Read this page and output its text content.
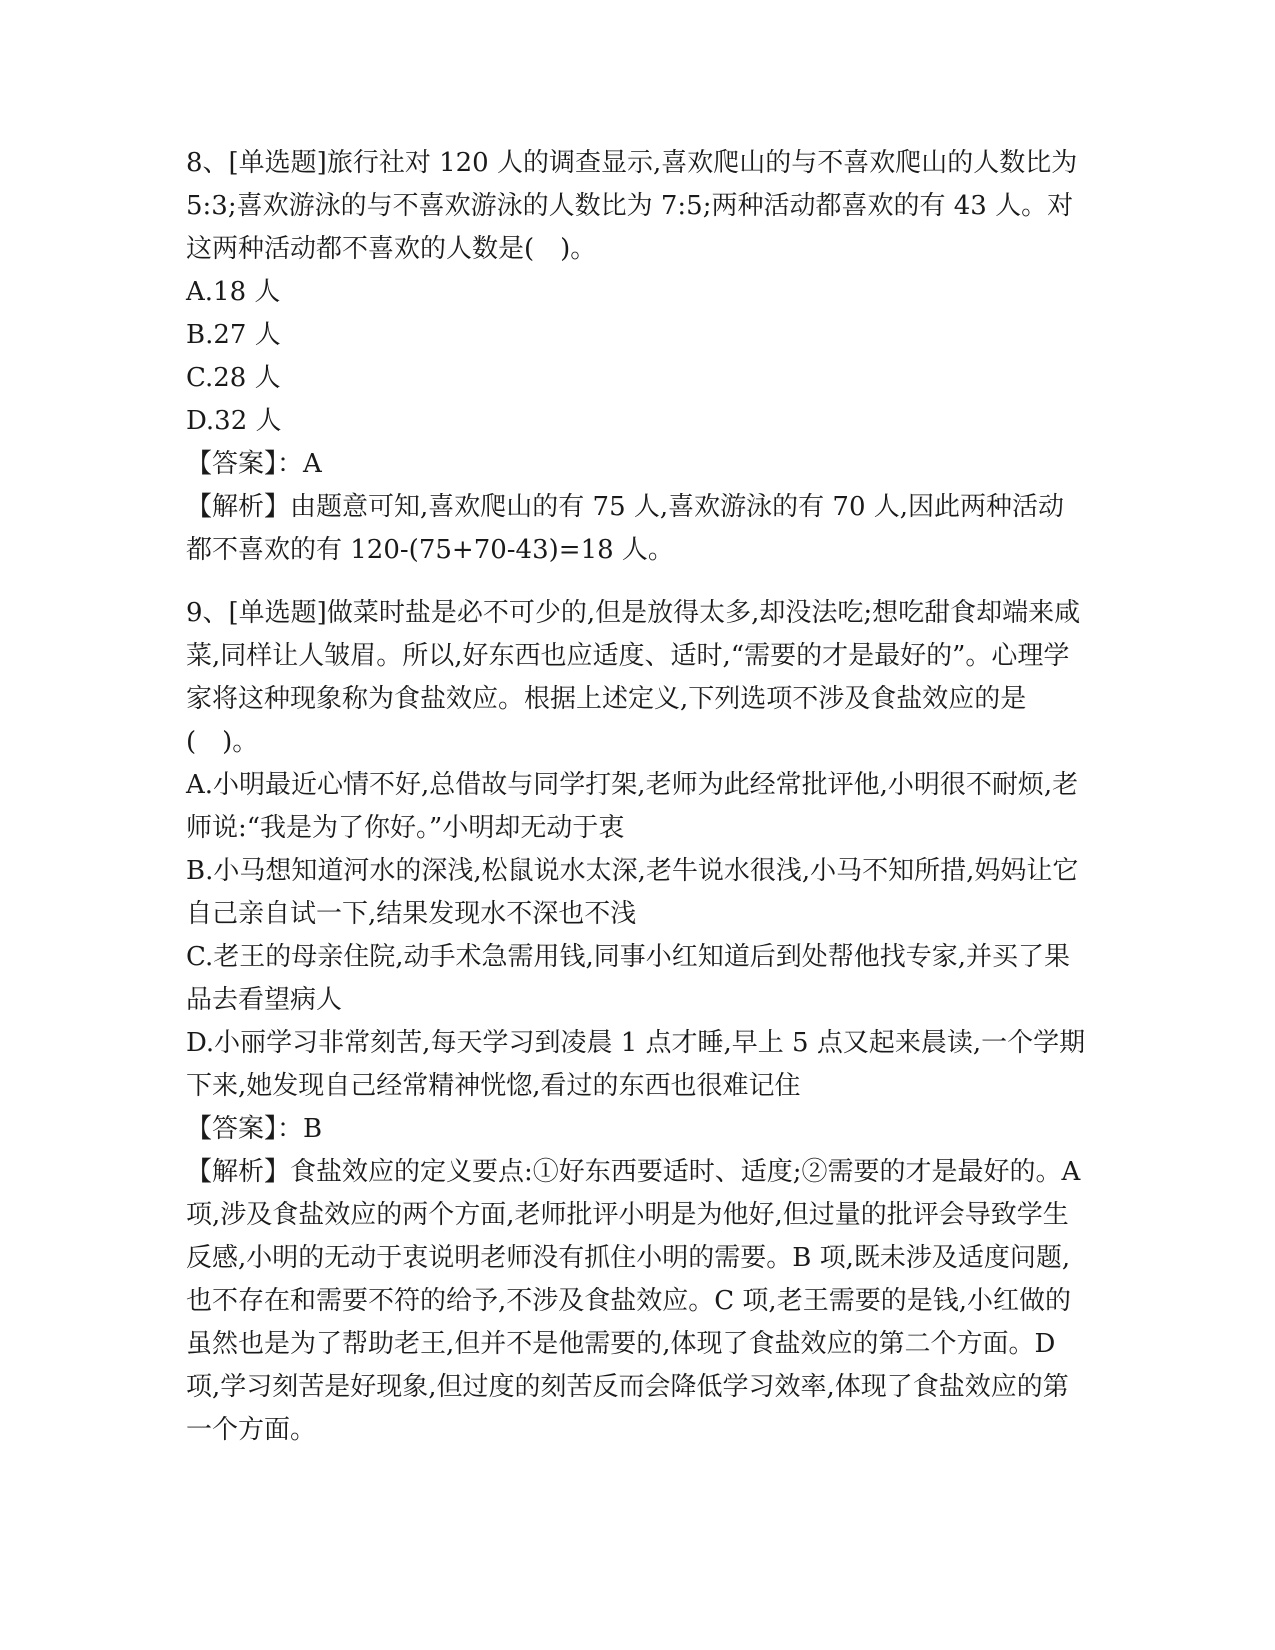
8、[单选题]旅行社对 120 人的调查显示,喜欢爬山的与不喜欢爬山的人数比为 5:3;喜欢游泳的与不喜欢游泳的人数比为 7:5;两种活动都喜欢的有 43 人。对这两种活动都不喜欢的人数是(　)。

A.18 人

B.27 人

C.28 人

D.32 人

【答案】：A

【解析】由题意可知,喜欢爬山的有 75 人,喜欢游泳的有 70 人,因此两种活动都不喜欢的有 120-(75+70-43)=18 人。

9、[单选题]做菜时盐是必不可少的,但是放得太多,却没法吃;想吃甜食却端来咸菜,同样让人皱眉。所以,好东西也应适度、适时,“需要的才是最好的”。心理学家将这种现象称为食盐效应。根据上述定义,下列选项不涉及食盐效应的是(　)。

A.小明最近心情不好,总借故与同学打架,老师为此经常批评他,小明很不耐烦,老师说:“我是为了你好。”小明却无动于衷

B.小马想知道河水的深浅,松鼠说水太深,老牛说水很浅,小马不知所措,妈妈让它自己亲自试一下,结果发现水不深也不浅

C.老王的母亲住院,动手术急需用钱,同事小红知道后到处帮他找专家,并买了果品去看望病人

D.小丽学习非常刻苦,每天学习到凌晨 1 点才睡,早上 5 点又起来晨读,一个学期下来,她发现自己经常精神恍惚,看过的东西也很难记住

【答案】：B

【解析】食盐效应的定义要点:①好东西要适时、适度;②需要的才是最好的。A 项,涉及食盐效应的两个方面,老师批评小明是为他好,但过量的批评会导致学生反感,小明的无动于衷说明老师没有抓住小明的需要。B 项,既未涉及适度问题,也不存在和需要不符的给予,不涉及食盐效应。C 项,老王需要的是钱,小红做的虽然也是为了帮助老王,但并不是他需要的,体现了食盐效应的第二个方面。D 项,学习刻苦是好现象,但过度的刻苦反而会降低学习效率,体现了食盐效应的第一个方面。
